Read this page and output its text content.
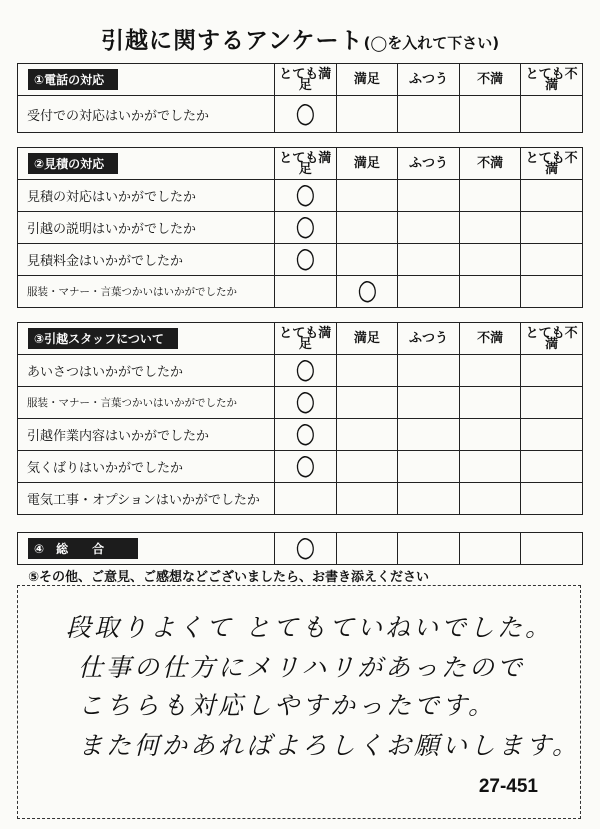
引越に関するアンケート(◯を入れて下さい)
①電話の対応	とても満足	満足	ふつう	不満	とても不満
受付での対応はいかがでしたか	○				
②見積の対応	とても満足	満足	ふつう	不満	とても不満
見積の対応はいかがでしたか	○				
引越の説明はいかがでしたか	○				
見積料金はいかがでしたか	○				
服装・マナー・言葉つかいはいかがでしたか		○			
③引越スタッフについて	とても満足	満足	ふつう	不満	とても不満
あいさつはいかがでしたか	○				
服装・マナー・言葉つかいはいかがでしたか	○				
引越作業内容はいかがでしたか	○				
気くばりはいかがでしたか	○				
電気工事・オプションはいかがでしたか					
④　総　　合	○				
⑤その他、ご意見、ご感想などございましたら、お書き添えください
段取りよくて とてもていねいでした。
仕事の仕方にメリハリがあったので
こちらも対応しやすかったです。
また何かあればよろしくお願いします。
27-451
